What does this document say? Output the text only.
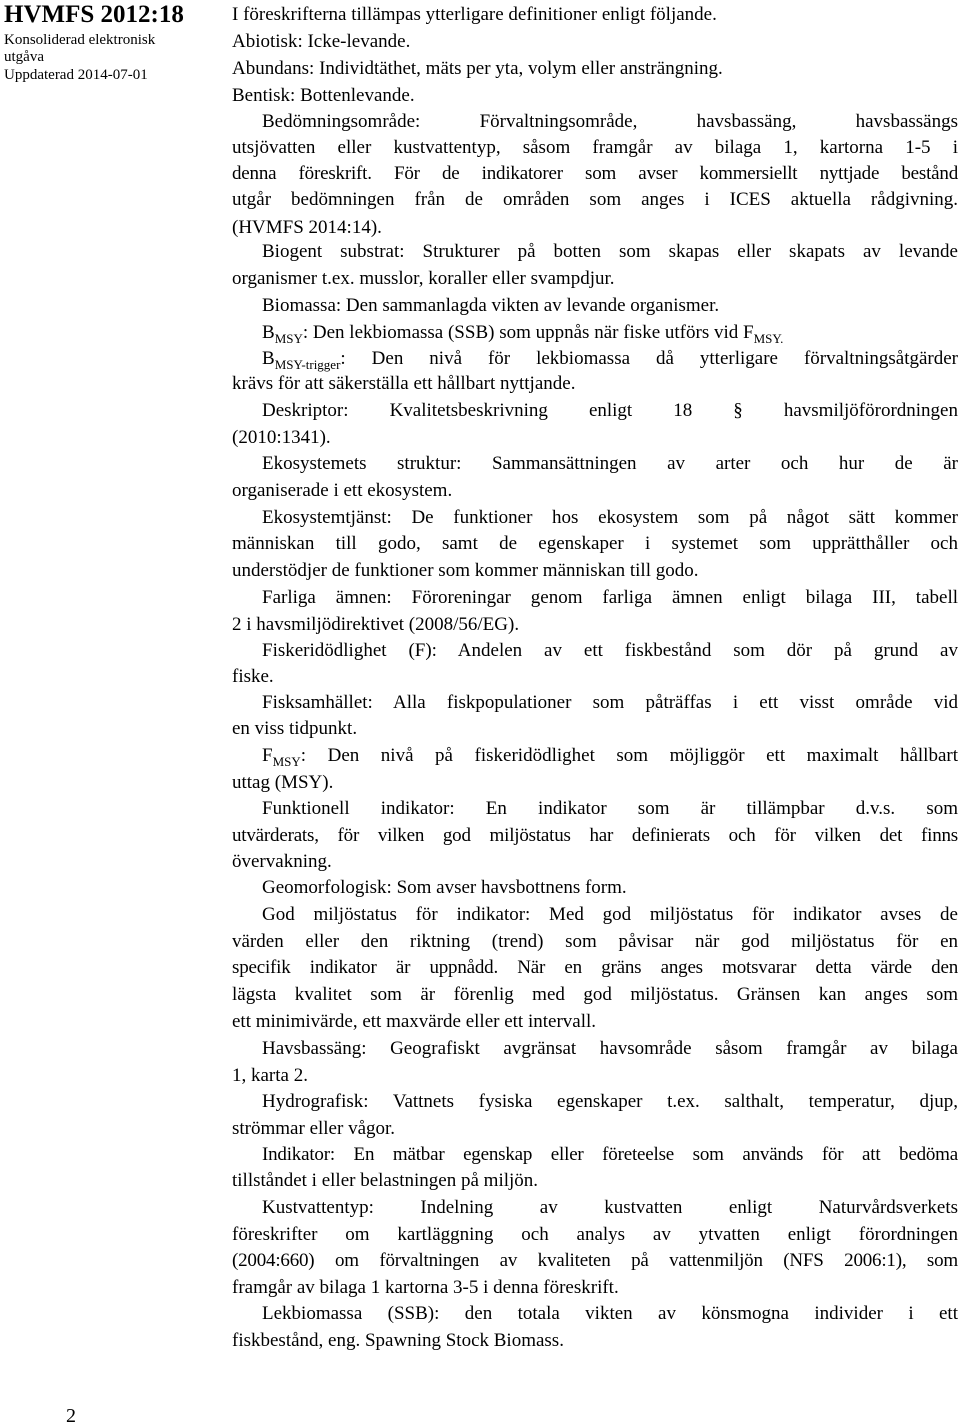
HVMFS 2012:18
Konsoliderad elektronisk
utgåva
Uppdaterad 2014-07-01
I föreskrifterna tillämpas ytterligare definitioner enligt följande.
Abiotisk: Icke-levande.
Abundans: Individtäthet, mäts per yta, volym eller ansträngning.
Bentisk: Bottenlevande.
Bedömningsområde: Förvaltningsområde, havsbassäng, havsbassängs
utsjövatten eller kustvattentyp, såsom framgår av bilaga 1, kartorna 1-5 i
denna föreskrift. För de indikatorer som avser kommersiellt nyttjade bestånd
utgår bedömningen från de områden som anges i ICES aktuella rådgivning.
(HVMFS 2014:14).
Biogent substrat: Strukturer på botten som skapas eller skapats av levande
organismer t.ex. musslor, koraller eller svampdjur.
Biomassa: Den sammanlagda vikten av levande organismer.
$B_{MSY}$: Den lekbiomassa (SSB) som uppnås när fiske utförs vid $F_{MSY.}$
$B_{MSY-trigger}$: Den nivå för lekbiomassa då ytterligare förvaltningsåtgärder
krävs för att säkerställa ett hållbart nyttjande.
Deskriptor: Kvalitetsbeskrivning enligt 18 § havsmiljöförordningen
(2010:1341).
Ekosystemets struktur: Sammansättningen av arter och hur de är
organiserade i ett ekosystem.
Ekosystemtjänst: De funktioner hos ekosystem som på något sätt kommer
människan till godo, samt de egenskaper i systemet som upprätthåller och
understödjer de funktioner som kommer människan till godo.
Farliga ämnen: Föroreningar genom farliga ämnen enligt bilaga III, tabell
2 i havsmiljödirektivet (2008/56/EG).
Fiskeridödlighet (F): Andelen av ett fiskbestånd som dör på grund av
fiske.
Fisksamhället: Alla fiskpopulationer som påträffas i ett visst område vid
en viss tidpunkt.
$F_{MSY}$: Den nivå på fiskeridödlighet som möjliggör ett maximalt hållbart
uttag (MSY).
Funktionell indikator: En indikator som är tillämpbar d.v.s. som
utvärderats, för vilken god miljöstatus har definierats och för vilken det finns
övervakning.
Geomorfologisk: Som avser havsbottnens form.
God miljöstatus för indikator: Med god miljöstatus för indikator avses de
värden eller den riktning (trend) som påvisar när god miljöstatus för en
specifik indikator är uppnådd. När en gräns anges motsvarar detta värde den
lägsta kvalitet som är förenlig med god miljöstatus. Gränsen kan anges som
ett minimivärde, ett maxvärde eller ett intervall.
Havsbassäng: Geografiskt avgränsat havsområde såsom framgår av bilaga
1, karta 2.
Hydrografisk: Vattnets fysiska egenskaper t.ex. salthalt, temperatur, djup,
strömmar eller vågor.
Indikator: En mätbar egenskap eller företeelse som används för att bedöma
tillståndet i eller belastningen på miljön.
Kustvattentyp: Indelning av kustvatten enligt Naturvårdsverkets
föreskrifter om kartläggning och analys av ytvatten enligt förordningen
(2004:660) om förvaltningen av kvaliteten på vattenmiljön (NFS 2006:1), som
framgår av bilaga 1 kartorna 3-5 i denna föreskrift.
Lekbiomassa (SSB): den totala vikten av könsmogna individer i ett
fiskbestånd, eng. Spawning Stock Biomass.
2
